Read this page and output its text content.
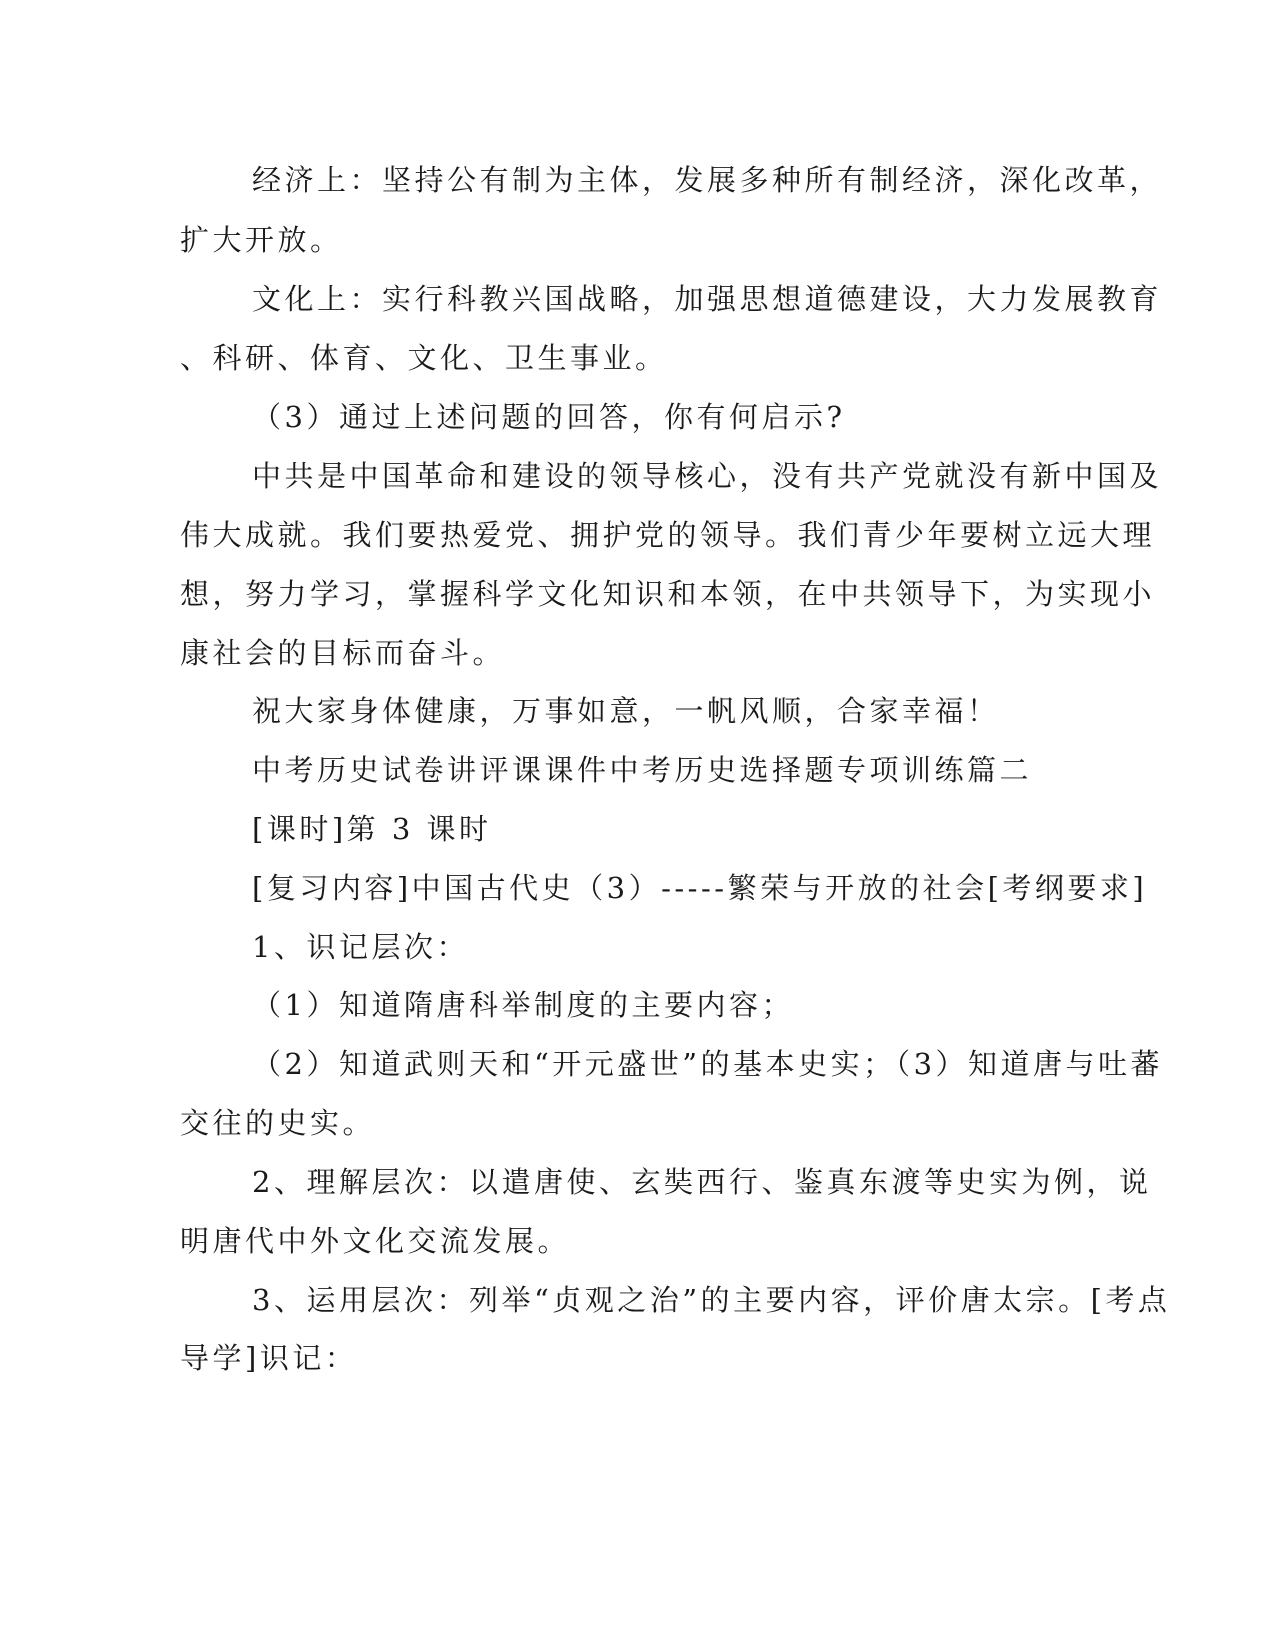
经济上：坚持公有制为主体，发展多种所有制经济，深化改革，
扩大开放。
文化上：实行科教兴国战略，加强思想道德建设，大力发展教育
、科研、体育、文化、卫生事业。
（3）通过上述问题的回答，你有何启示?
中共是中国革命和建设的领导核心，没有共产党就没有新中国及
伟大成就。我们要热爱党、拥护党的领导。我们青少年要树立远大理
想，努力学习，掌握科学文化知识和本领，在中共领导下，为实现小
康社会的目标而奋斗。
祝大家身体健康，万事如意，一帆风顺，合家幸福！
中考历史试卷讲评课课件中考历史选择题专项训练篇二
[课时]第 3 课时
[复习内容]中国古代史（3）-----繁荣与开放的社会[考纲要求]
1、识记层次：
（1）知道隋唐科举制度的主要内容；
（2）知道武则天和“开元盛世”的基本史实；（3）知道唐与吐蕃
交往的史实。
2、理解层次：以遣唐使、玄奘西行、鉴真东渡等史实为例，说
明唐代中外文化交流发展。
3、运用层次：列举“贞观之治”的主要内容，评价唐太宗。[考点
导学]识记：
